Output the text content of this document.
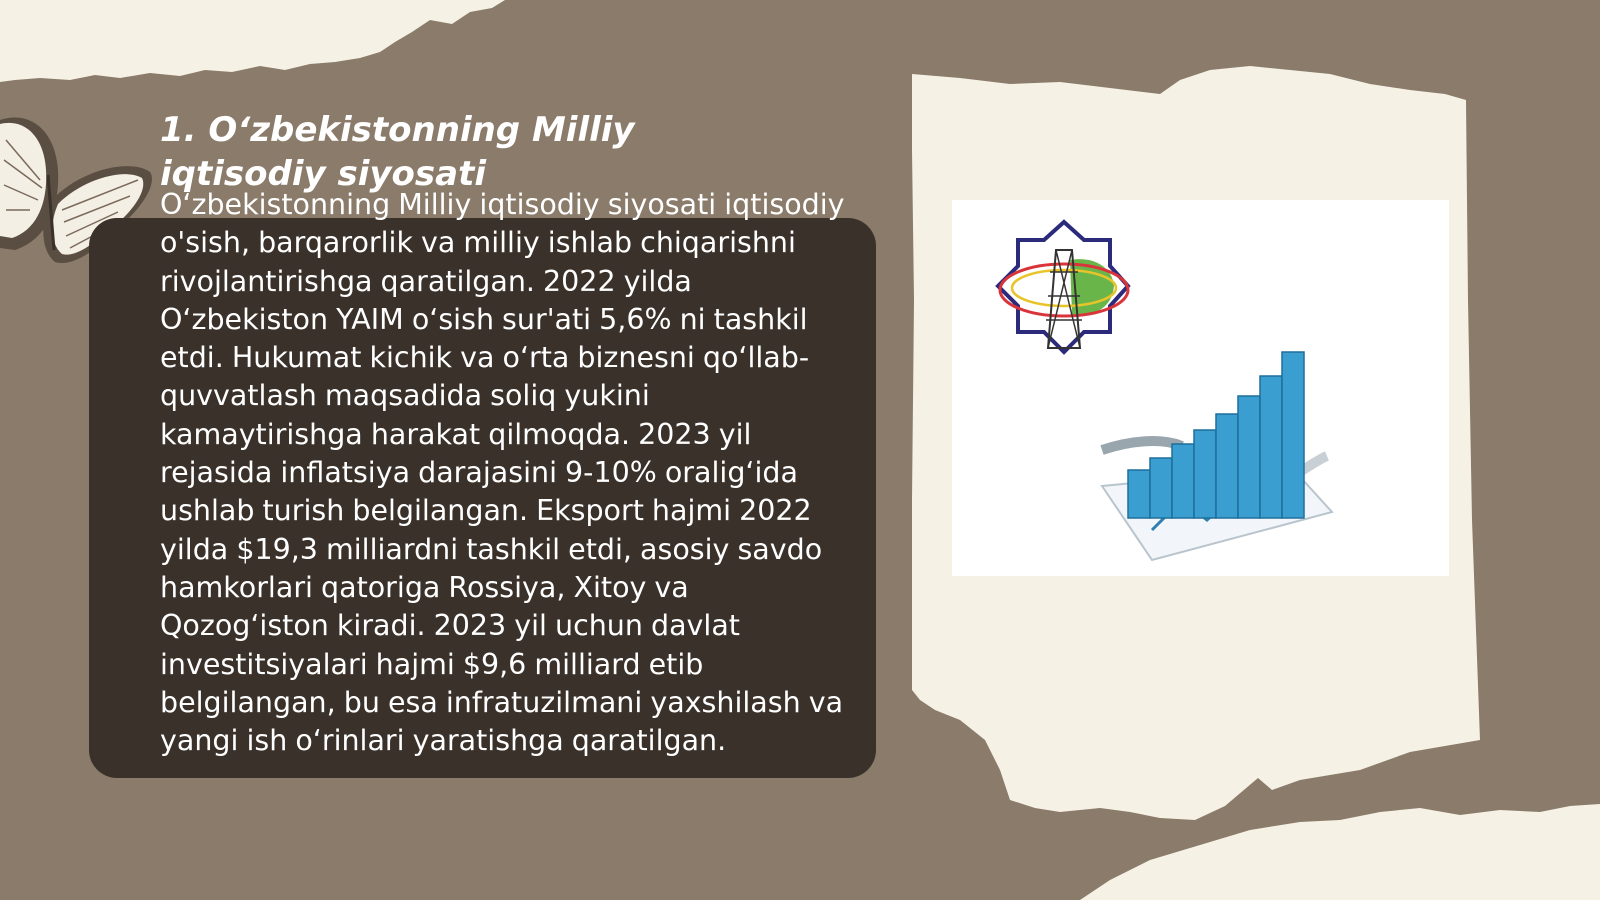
1. O‘zbekistonning Milliy iqtisodiy siyosati

O‘zbekistonning Milliy iqtisodiy siyosati iqtisodiy o'sish, barqarorlik va milliy ishlab chiqarishni rivojlantirishga qaratilgan. 2022 yilda O‘zbekiston YAIM o‘sish sur'ati 5,6% ni tashkil etdi. Hukumat kichik va o‘rta biznesni qo‘llab-quvvatlash maqsadida soliq yukini kamaytirishga harakat qilmoqda. 2023 yil rejasida inflatsiya darajasini 9-10% oralig‘ida ushlab turish belgilangan. Eksport hajmi 2022 yilda $19,3 milliardni tashkil etdi, asosiy savdo hamkorlari qatoriga Rossiya, Xitoy va Qozog‘iston kiradi. 2023 yil uchun davlat investitsiyalari hajmi $9,6 milliard etib belgilangan, bu esa infratuzilmani yaxshilash va yangi ish o‘rinlari yaratishga qaratilgan.
